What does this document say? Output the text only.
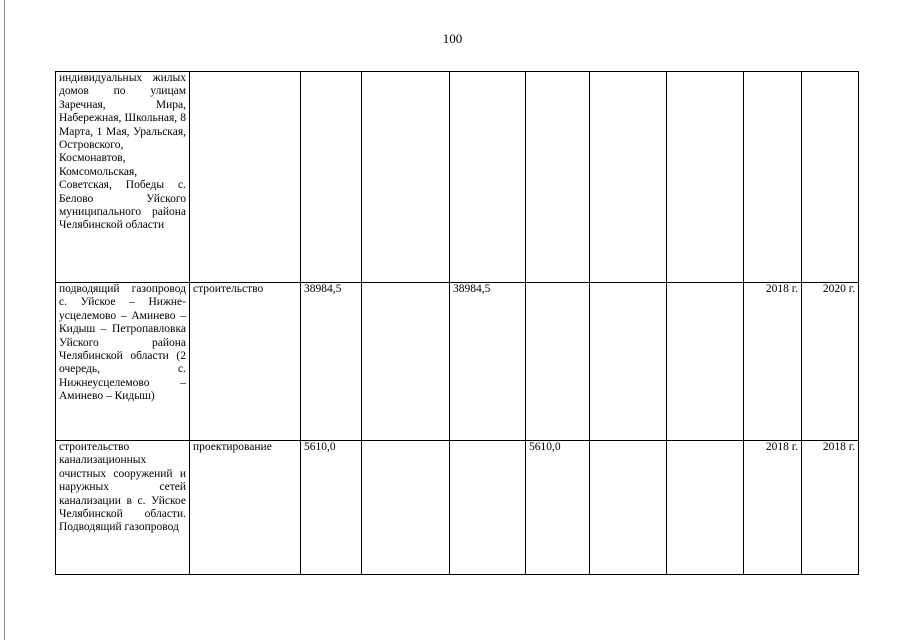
100
индивидуальных жилых домов по улицам Заречная, Мира, Набережная, Школьная, 8 Марта, 1 Мая, Уральская, Островского, Космонавтов, Комсомольская, Советская, Победы с. Белово Уйского муниципального района Челябинской области									
подводящий газопровод с. Уйское – Нижне-усцелемово – Аминево – Кидыш – Петропавловка Уйского района Челябинской области (2 очередь, с. Нижнеусцелемово – Аминево – Кидыш)	строительство	38984,5		38984,5				2018 г.	2020 г.
строительство канализационных очистных сооружений и наружных сетей канализации в с. Уйское Челябинской области. Подводящий газопровод	проектирование	5610,0			5610,0			2018 г.	2018 г.
